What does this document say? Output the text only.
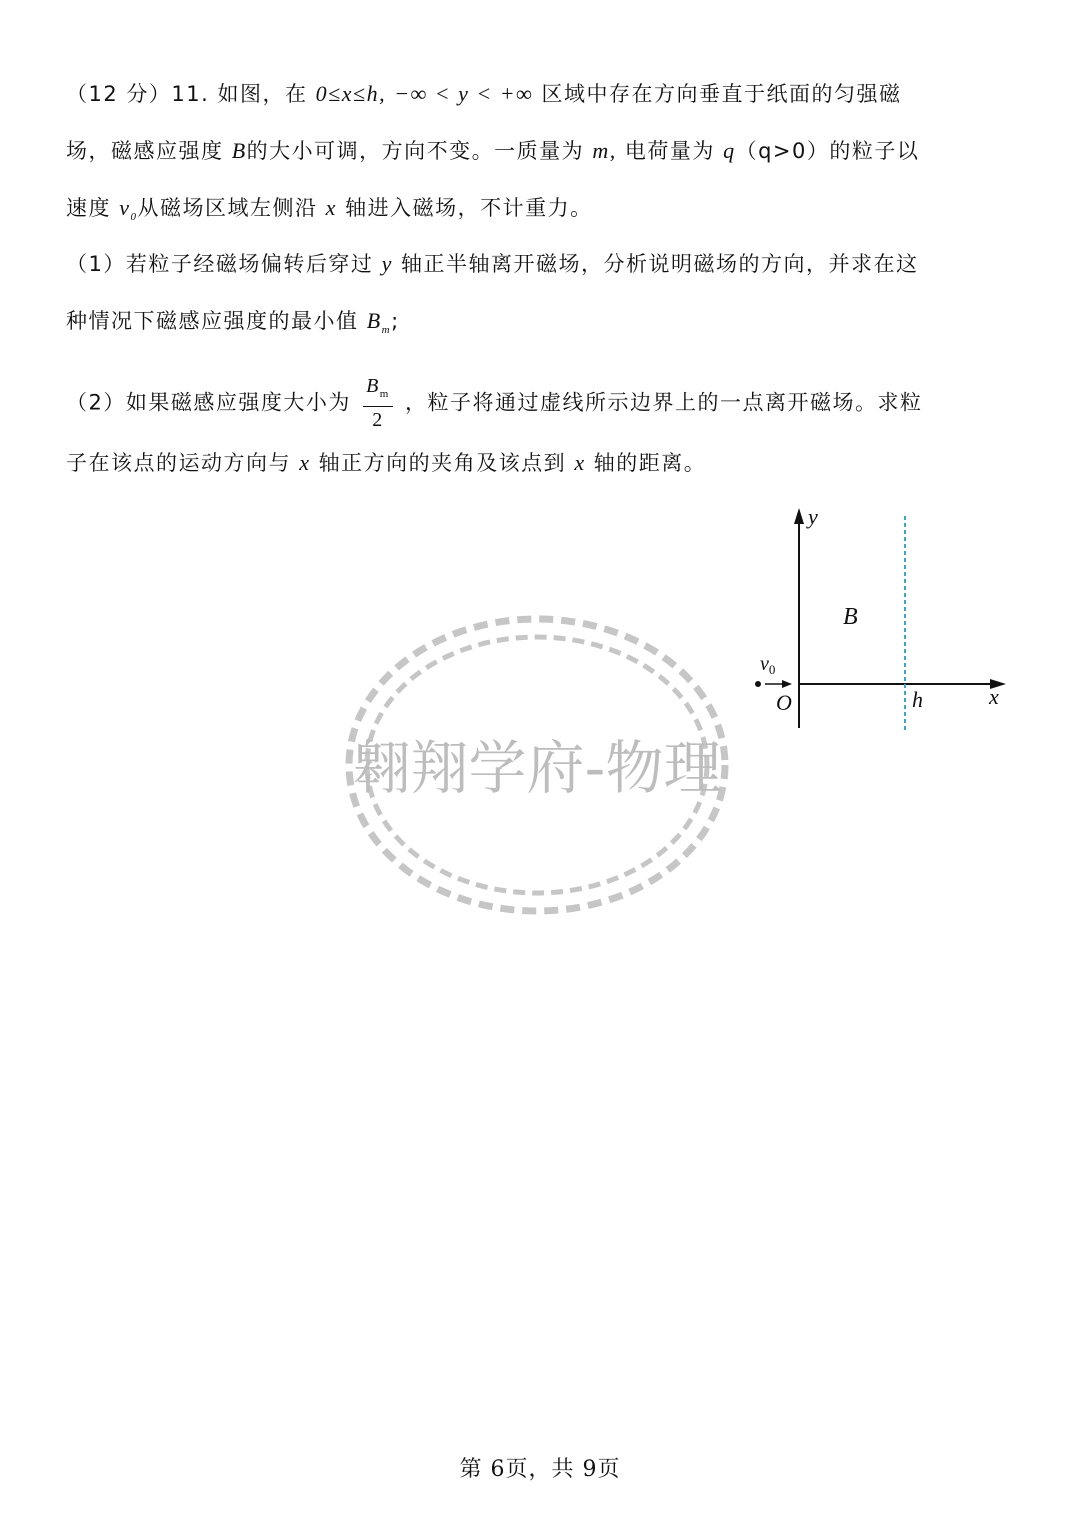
（12 分）11. 如图，在 0≤x≤h, −∞ < y < +∞ 区域中存在方向垂直于纸面的匀强磁
场，磁感应强度 B的大小可调，方向不变。一质量为 m, 电荷量为 q（q>0）的粒子以
速度 $v_0$从磁场区域左侧沿 x 轴进入磁场，不计重力。
（1）若粒子经磁场偏转后穿过 y 轴正半轴离开磁场，分析说明磁场的方向，并求在这
种情况下磁感应强度的最小值 $B_m$;
（2）如果磁感应强度大小为 $\frac{B_m}{2}$ ，粒子将通过虚线所示边界上的一点离开磁场。求粒
子在该点的运动方向与 x 轴正方向的夹角及该点到 x 轴的距离。
翱翔学府-物理
y
B
$v_0$
O	h	x
第 6页，共 9页
